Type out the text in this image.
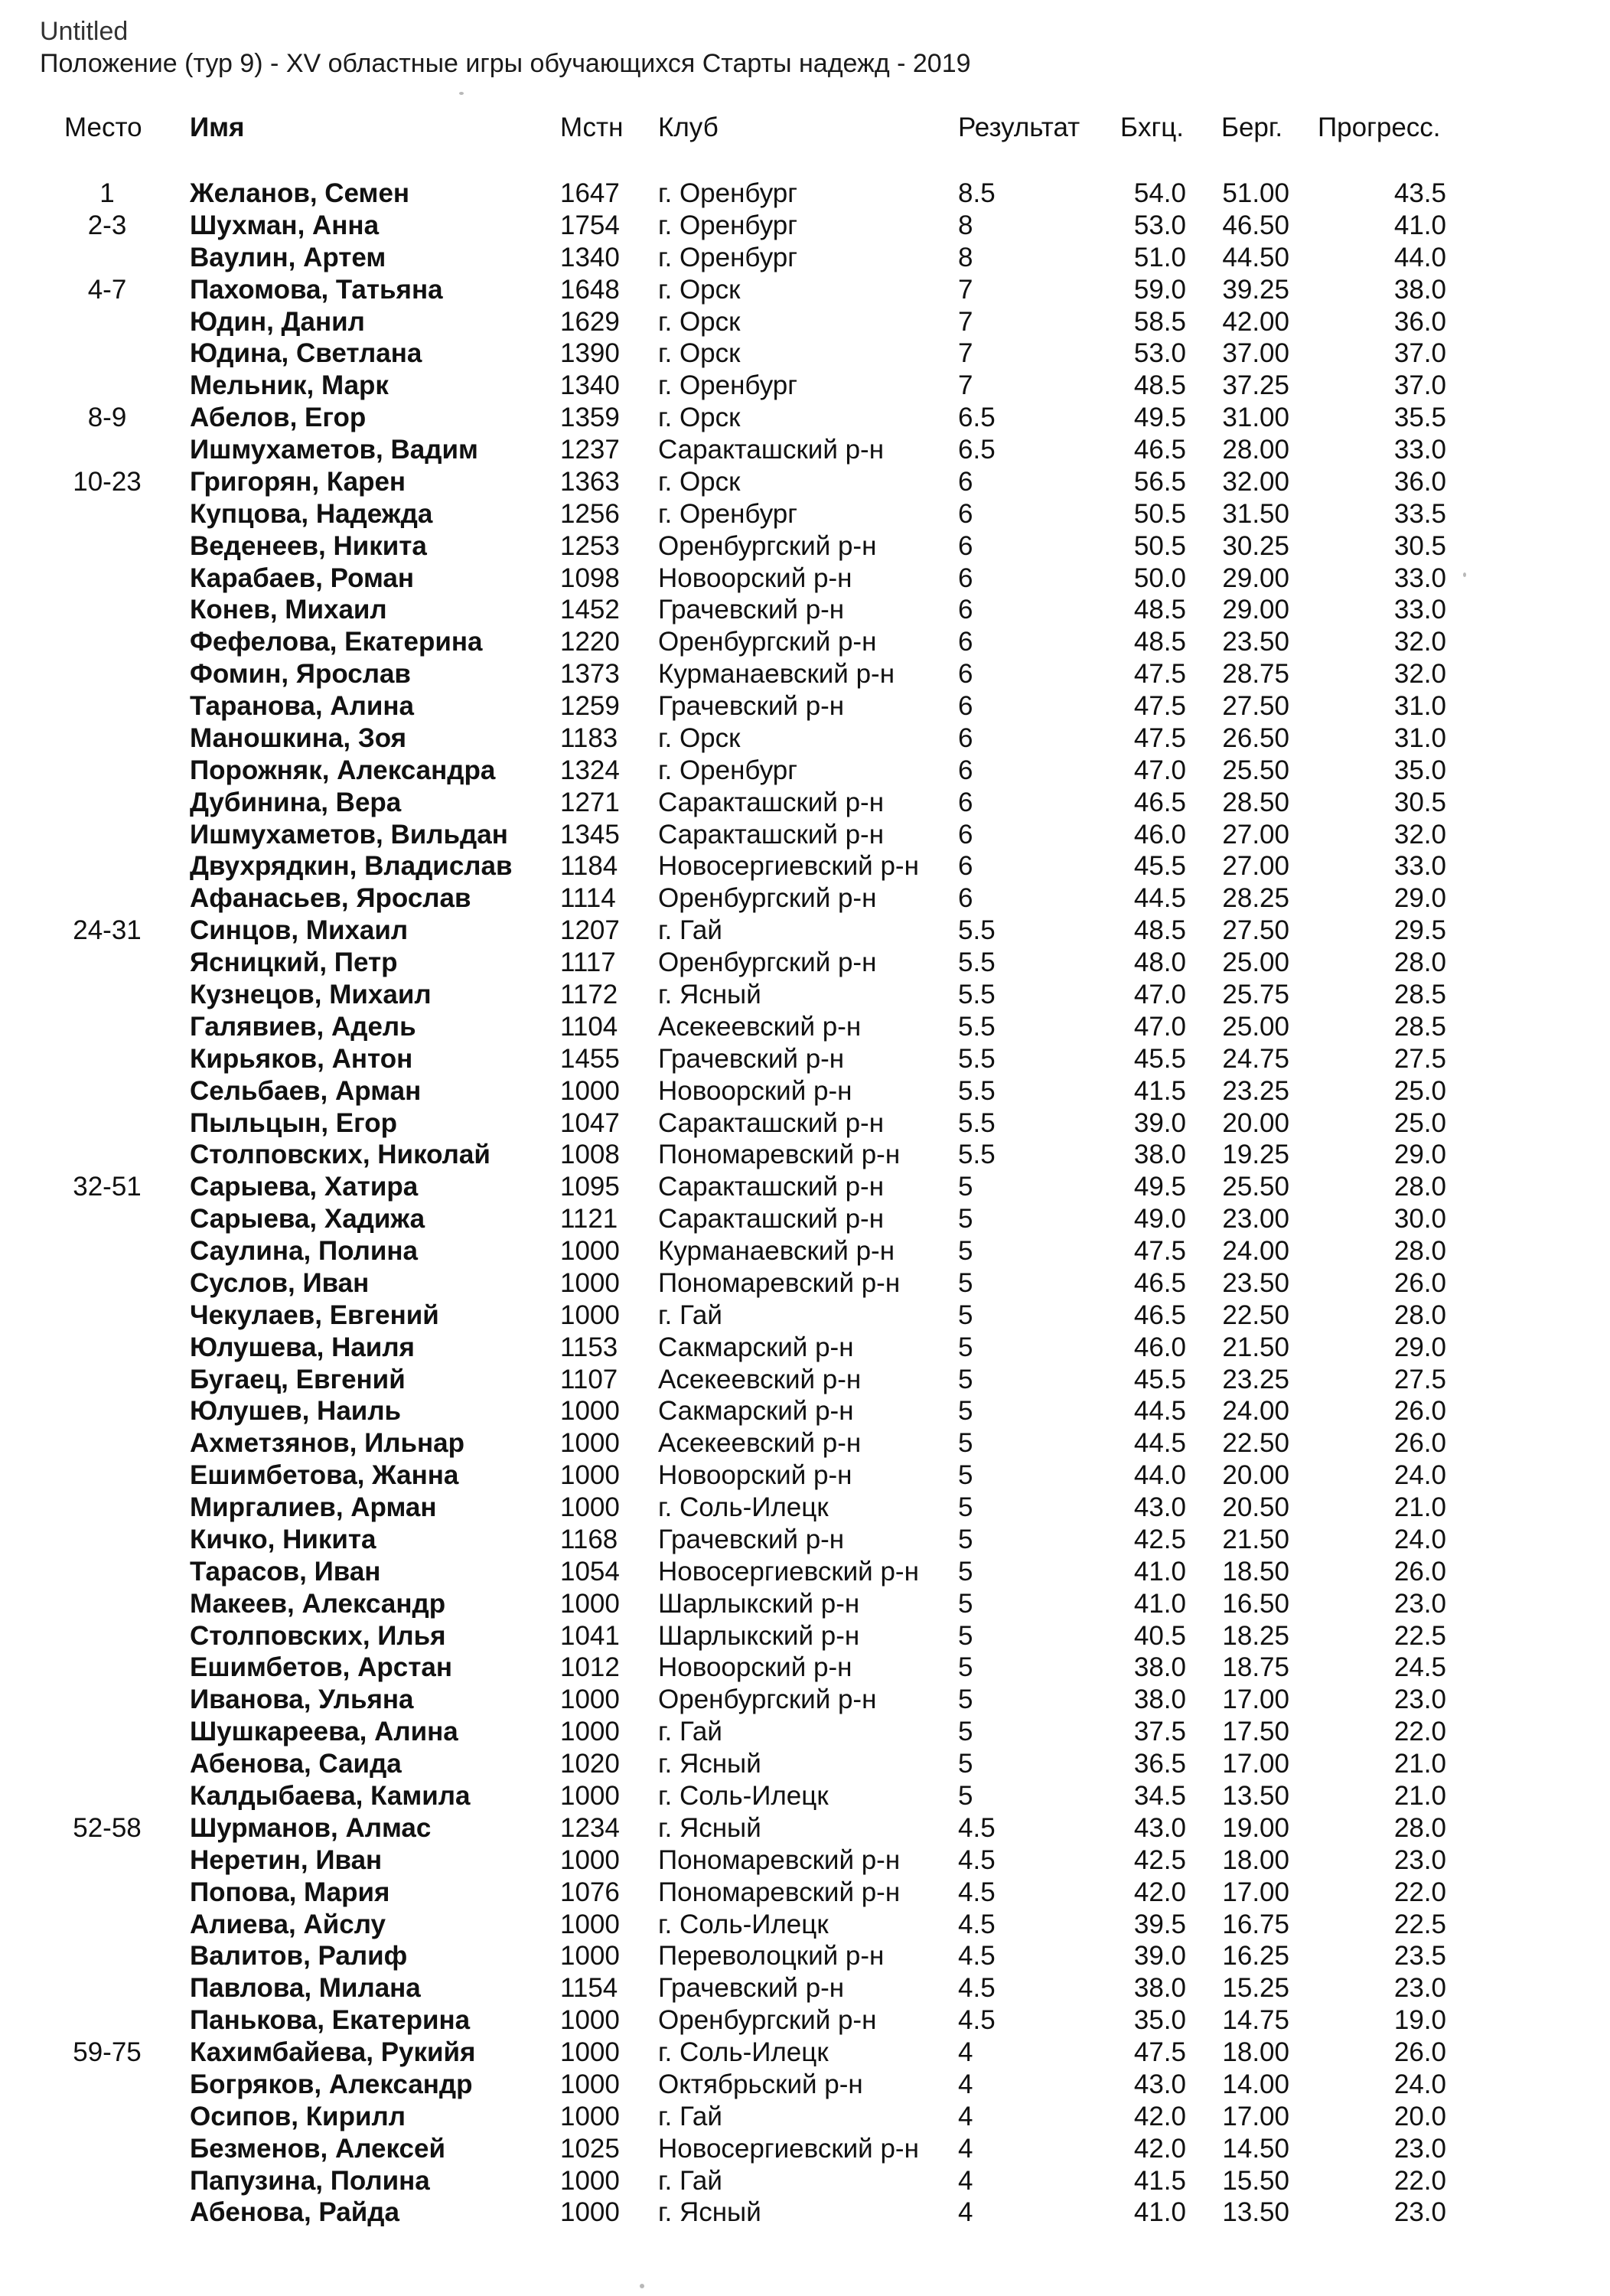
Untitled
Положение (тур 9) - XV областные игры обучающихся Старты надежд - 2019
Место Имя	Мстн Клуб	Результат Бхгц. Берг. Прогресс.
1	Желанов, Семен	1647 г. Оренбург	8.5	54.0	51.00	43.5
2-3	Шухман, Анна	1754 г. Оренбург	8	53.0	46.50	41.0
Ваулин, Артем	1340 г. Оренбург	8	51.0	44.50	44.0
4-7	Пахомова, Татьяна	1648 г. Орск	7	59.0	39.25	38.0
Юдин, Данил	1629 г. Орск	7	58.5	42.00	36.0
Юдина, Светлана	1390 г. Орск	7	53.0	37.00	37.0
Мельник, Марк	1340 г. Оренбург	7	48.5	37.25	37.0
8-9	Абелов, Егор	1359 г. Орск	6.5	49.5	31.00	35.5
Ишмухаметов, Вадим	1237 Саракташский р-н	6.5	46.5	28.00	33.0
10-23	Григорян, Карен	1363 г. Орск	6	56.5	32.00	36.0
Купцова, Надежда	1256 г. Оренбург	6	50.5	31.50	33.5
Веденеев, Никита	1253 Оренбургский р-н	6	50.5	30.25	30.5
Карабаев, Роман	1098 Новоорский р-н	6	50.0	29.00	33.0
Конев, Михаил	1452 Грачевский р-н	6	48.5	29.00	33.0
Фефелова, Екатерина	1220 Оренбургский р-н	6	48.5	23.50	32.0
Фомин, Ярослав	1373 Курманаевский р-н 6	47.5	28.75	32.0
Таранова, Алина	1259 Грачевский р-н	6	47.5	27.50	31.0
Маношкина, Зоя	1183 г. Орск	6	47.5	26.50	31.0
Порожняк, Александра 1324 г. Оренбург	6	47.0	25.50	35.0
Дубинина, Вера	1271 Саракташский р-н	6	46.5	28.50	30.5
Ишмухаметов, Вильдан 1345 Саракташский р-н	6	46.0	27.00	32.0
Двухрядкин, Владислав 1184 Новосергиевский р-н 6	45.5	27.00	33.0
Афанасьев, Ярослав	1114 Оренбургский р-н	6	44.5	28.25	29.0
24-31	Синцов, Михаил	1207 г. Гай	5.5	48.5	27.50	29.5
Ясницкий, Петр	1117 Оренбургский р-н	5.5	48.0	25.00	28.0
Кузнецов, Михаил	1172 г. Ясный	5.5	47.0	25.75	28.5
Галявиев, Адель	1104 Асекеевский р-н	5.5	47.0	25.00	28.5
Кирьяков, Антон	1455 Грачевский р-н	5.5	45.5	24.75	27.5
Сельбаев, Арман	1000 Новоорский р-н	5.5	41.5	23.25	25.0
Пыльцын, Егор	1047 Саракташский р-н	5.5	39.0	20.00	25.0
Столповских, Николай	1008 Пономаревский р-н 5.5	38.0	19.25	29.0
32-51	Сарыева, Хатира	1095 Саракташский р-н	5	49.5	25.50	28.0
Сарыева, Хадижа	1121 Саракташский р-н	5	49.0	23.00	30.0
Саулина, Полина	1000 Курманаевский р-н 5	47.5	24.00	28.0
Суслов, Иван	1000 Пономаревский р-н 5	46.5	23.50	26.0
Чекулаев, Евгений	1000 г. Гай	5	46.5	22.50	28.0
Юлушева, Наиля	1153 Сакмарский р-н	5	46.0	21.50	29.0
Бугаец, Евгений	1107 Асекеевский р-н	5	45.5	23.25	27.5
Юлушев, Наиль	1000 Сакмарский р-н	5	44.5	24.00	26.0
Ахметзянов, Ильнар	1000 Асекеевский р-н	5	44.5	22.50	26.0
Ешимбетова, Жанна	1000 Новоорский р-н	5	44.0	20.00	24.0
Миргалиев, Арман	1000 г. Соль-Илецк	5	43.0	20.50	21.0
Кичко, Никита	1168 Грачевский р-н	5	42.5	21.50	24.0
Тарасов, Иван	1054 Новосергиевский р-н 5	41.0	18.50	26.0
Макеев, Александр	1000 Шарлыкский р-н	5	41.0	16.50	23.0
Столповских, Илья	1041 Шарлыкский р-н	5	40.5	18.25	22.5
Ешимбетов, Арстан	1012 Новоорский р-н	5	38.0	18.75	24.5
Иванова, Ульяна	1000 Оренбургский р-н	5	38.0	17.00	23.0
Шушкареева, Алина	1000 г. Гай	5	37.5	17.50	22.0
Абенова, Саида	1020 г. Ясный	5	36.5	17.00	21.0
Калдыбаева, Камила	1000 г. Соль-Илецк	5	34.5	13.50	21.0
52-58	Шурманов, Алмас	1234 г. Ясный	4.5	43.0	19.00	28.0
Неретин, Иван	1000 Пономаревский р-н 4.5	42.5	18.00	23.0
Попова, Мария	1076 Пономаревский р-н 4.5	42.0	17.00	22.0
Алиева, Айслу	1000 г. Соль-Илецк	4.5	39.5	16.75	22.5
Валитов, Ралиф	1000 Переволоцкий р-н	4.5	39.0	16.25	23.5
Павлова, Милана	1154 Грачевский р-н	4.5	38.0	15.25	23.0
Панькова, Екатерина	1000 Оренбургский р-н	4.5	35.0	14.75	19.0
59-75	Кахимбайева, Рукийя	1000 г. Соль-Илецк	4	47.5	18.00	26.0
Богряков, Александр	1000 Октябрьский р-н	4	43.0	14.00	24.0
Осипов, Кирилл	1000 г. Гай	4	42.0	17.00	20.0
Безменов, Алексей	1025 Новосергиевский р-н 4	42.0	14.50	23.0
Папузина, Полина	1000 г. Гай	4	41.5	15.50	22.0
Абенова, Райда	1000 г. Ясный	4	41.0	13.50	23.0
